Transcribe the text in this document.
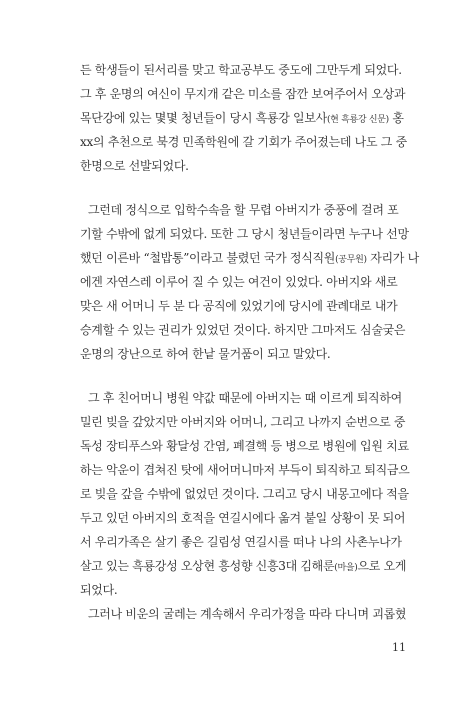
든 학생들이 된서리를 맞고 학교공부도 중도에 그만두게 되었다.
그 후 운명의 여신이 무지개 같은 미소를 잠깐 보여주어서 오상과
목단강에 있는 몇몇 청년들이 당시 흑룡강 일보사(현 흑룡강 신문) 홍
xx의 추천으로 북경 민족학원에 갈 기회가 주어졌는데 나도 그 중
한명으로 선발되었다.
그런데 정식으로 입학수속을 할 무렵 아버지가 중풍에 걸려 포
기할 수밖에 없게 되었다. 또한 그 당시 청년들이라면 누구나 선망
했던 이른바 “철밥통”이라고 불렸던 국가 정식직원(공무원) 자리가 나
에겐 자연스레 이루어 질 수 있는 여건이 있었다. 아버지와 새로
맞은 새 어머니 두 분 다 공직에 있었기에 당시에 관례대로 내가
승계할 수 있는 권리가 있었던 것이다. 하지만 그마저도 심술궂은
운명의 장난으로 하여 한낱 물거품이 되고 말았다.
그 후 친어머니 병원 약값 때문에 아버지는 때 이르게 퇴직하여
밀린 빚을 갚았지만 아버지와 어머니, 그리고 나까지 순번으로 중
독성 장티푸스와 황달성 간염, 폐결핵 등 병으로 병원에 입원 치료
하는 악운이 겹쳐진 탓에 새어머니마저 부득이 퇴직하고 퇴직금으
로 빚을 갚을 수밖에 없었던 것이다. 그리고 당시 내몽고에다 적을
두고 있던 아버지의 호적을 연길시에다 옮겨 붙일 상황이 못 되어
서 우리가족은 살기 좋은 길림성 연길시를 떠나 나의 사촌누나가
살고 있는 흑룡강성 오상현 흥성향 신흥3대 김해룬(마을)으로 오게
되었다.
그러나 비운의 굴레는 계속해서 우리가정을 따라 다니며 괴롭혔
11
